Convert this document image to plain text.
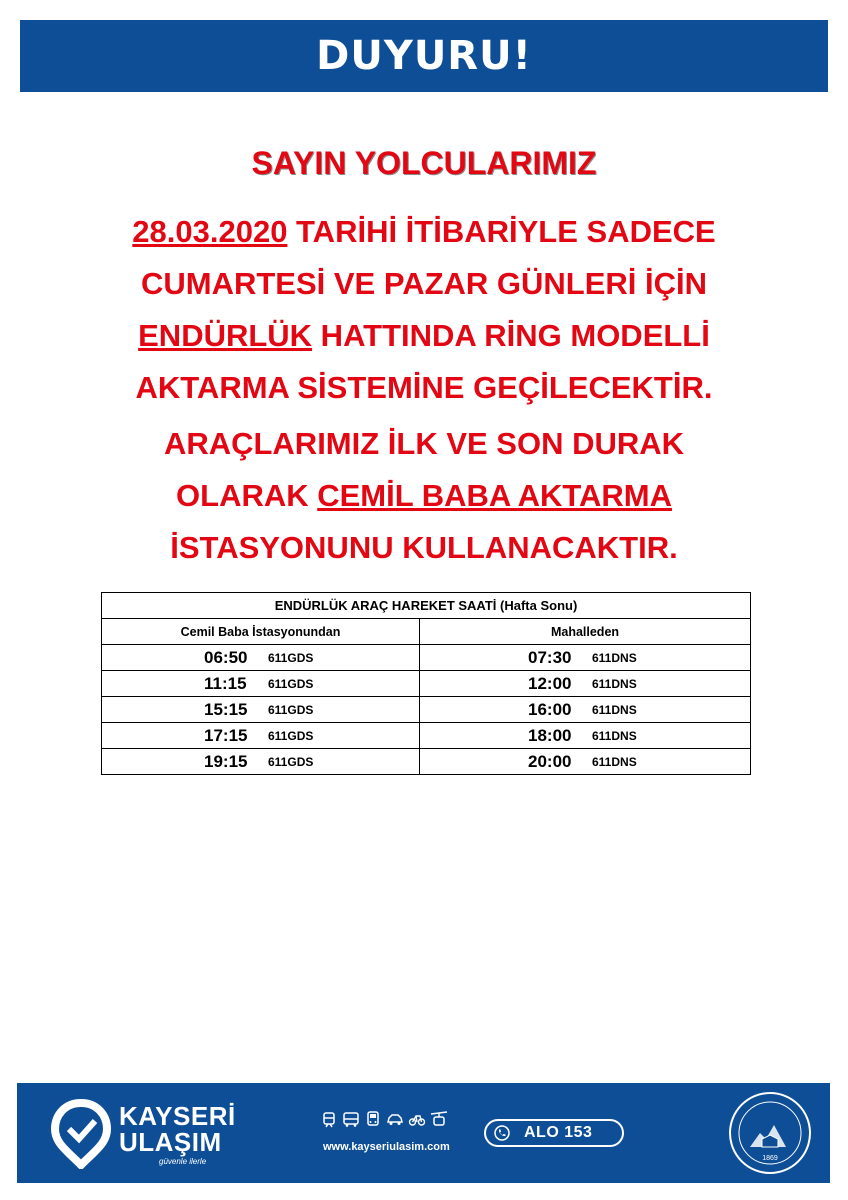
DUYURU!
SAYIN YOLCULARIMIZ
28.03.2020 TARİHİ İTİBARİYLE SADECE
CUMARTESİ VE PAZAR GÜNLERİ İÇİN
ENDÜRLÜK HATTINDA RİNG MODELLİ
AKTARMA SİSTEMİNE GEÇİLECEKTİR.
ARAÇLARIMIZ İLK VE SON DURAK
OLARAK CEMİL BABA AKTARMA
İSTASYONUNU KULLANACAKTIR.
ENDÜRLÜK ARAÇ HAREKET SAATİ (Hafta Sonu)	
Cemil Baba İstasyonundan	Mahalleden

06:50 611GDS	07:30 611DNS

11:15 611GDS	12:00 611DNS

15:15 611GDS	16:00 611DNS

17:15 611GDS	18:00 611DNS

19:15 611GDS	20:00 611DNS
KAYSERİ
ULAŞIM
güvenle ilerle
www.kayseriulasim.com
ALO 153
1869
